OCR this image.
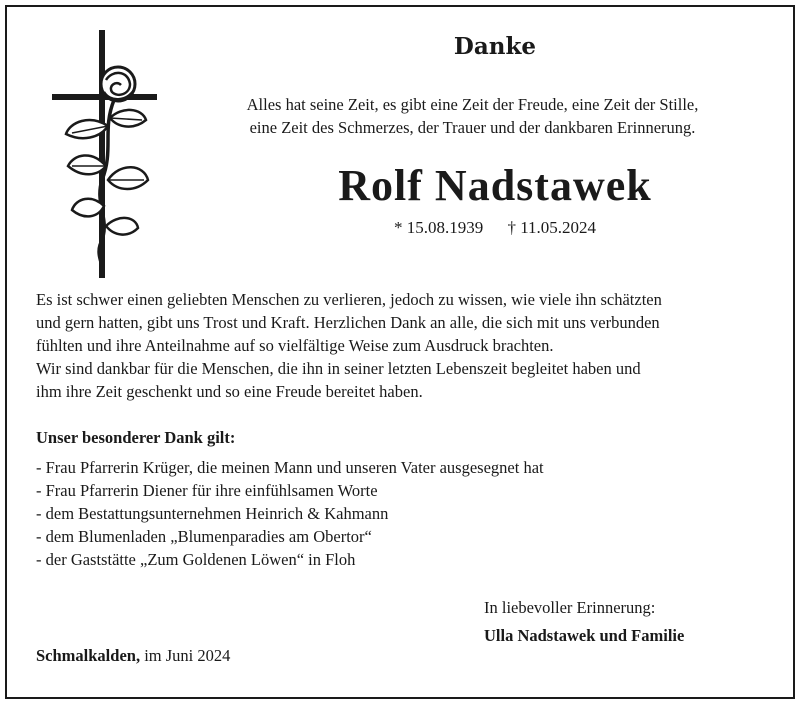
Danke
Alles hat seine Zeit, es gibt eine Zeit der Freude, eine Zeit der Stille,
eine Zeit des Schmerzes, der Trauer und der dankbaren Erinnerung.
Rolf Nadstawek
* 15.08.1939 † 11.05.2024
Es ist schwer einen geliebten Menschen zu verlieren, jedoch zu wissen, wie viele ihn schätzten
und gern hatten, gibt uns Trost und Kraft. Herzlichen Dank an alle, die sich mit uns verbunden
fühlten und ihre Anteilnahme auf so vielfältige Weise zum Ausdruck brachten.
Wir sind dankbar für die Menschen, die ihn in seiner letzten Lebenszeit begleitet haben und
ihm ihre Zeit geschenkt und so eine Freude bereitet haben.
Unser besonderer Dank gilt:
- Frau Pfarrerin Krüger, die meinen Mann und unseren Vater ausgesegnet hat
- Frau Pfarrerin Diener für ihre einfühlsamen Worte
- dem Bestattungsunternehmen Heinrich & Kahmann
- dem Blumenladen „Blumenparadies am Obertor“
- der Gaststätte „Zum Goldenen Löwen“ in Floh
In liebevoller Erinnerung:
Ulla Nadstawek und Familie
Schmalkalden, im Juni 2024
